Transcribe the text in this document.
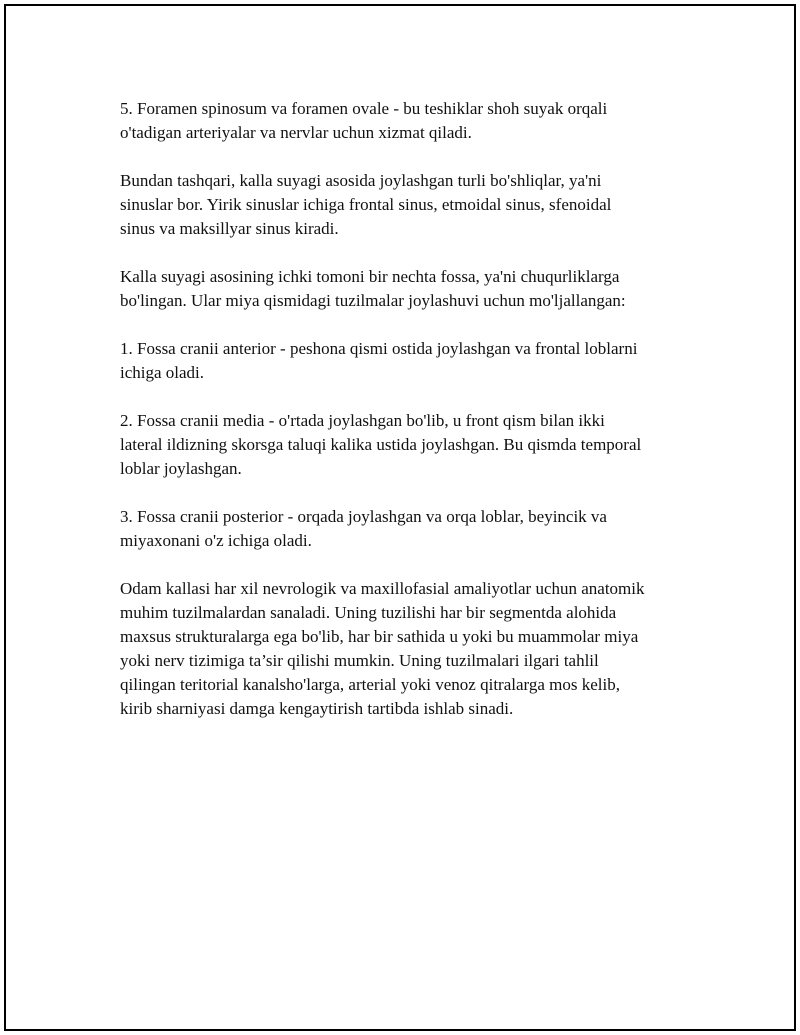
5. Foramen spinosum va foramen ovale - bu teshiklar shoh suyak orqali
o'tadigan arteriyalar va nervlar uchun xizmat qiladi.

Bundan tashqari, kalla suyagi asosida joylashgan turli bo'shliqlar, ya'ni
sinuslar bor. Yirik sinuslar ichiga frontal sinus, etmoidal sinus, sfenoidal
sinus va maksillyar sinus kiradi.

Kalla suyagi asosining ichki tomoni bir nechta fossa, ya'ni chuqurliklarga
bo'lingan. Ular miya qismidagi tuzilmalar joylashuvi uchun mo'ljallangan:

1. Fossa cranii anterior - peshona qismi ostida joylashgan va frontal loblarni
ichiga oladi.

2. Fossa cranii media - o'rtada joylashgan bo'lib, u front qism bilan ikki
lateral ildizning skorsga taluqi kalika ustida joylashgan. Bu qismda temporal
loblar joylashgan.

3. Fossa cranii posterior - orqada joylashgan va orqa loblar, beyincik va
miyaxonani o'z ichiga oladi.

Odam kallasi har xil nevrologik va maxillofasial amaliyotlar uchun anatomik
muhim tuzilmalardan sanaladi. Uning tuzilishi har bir segmentda alohida
maxsus strukturalarga ega bo'lib, har bir sathida u yoki bu muammolar miya
yoki nerv tizimiga ta’sir qilishi mumkin. Uning tuzilmalari ilgari tahlil
qilingan teritorial kanalsho'larga, arterial yoki venoz qitralarga mos kelib,
kirib sharniyasi damga kengaytirish tartibda ishlab sinadi.
